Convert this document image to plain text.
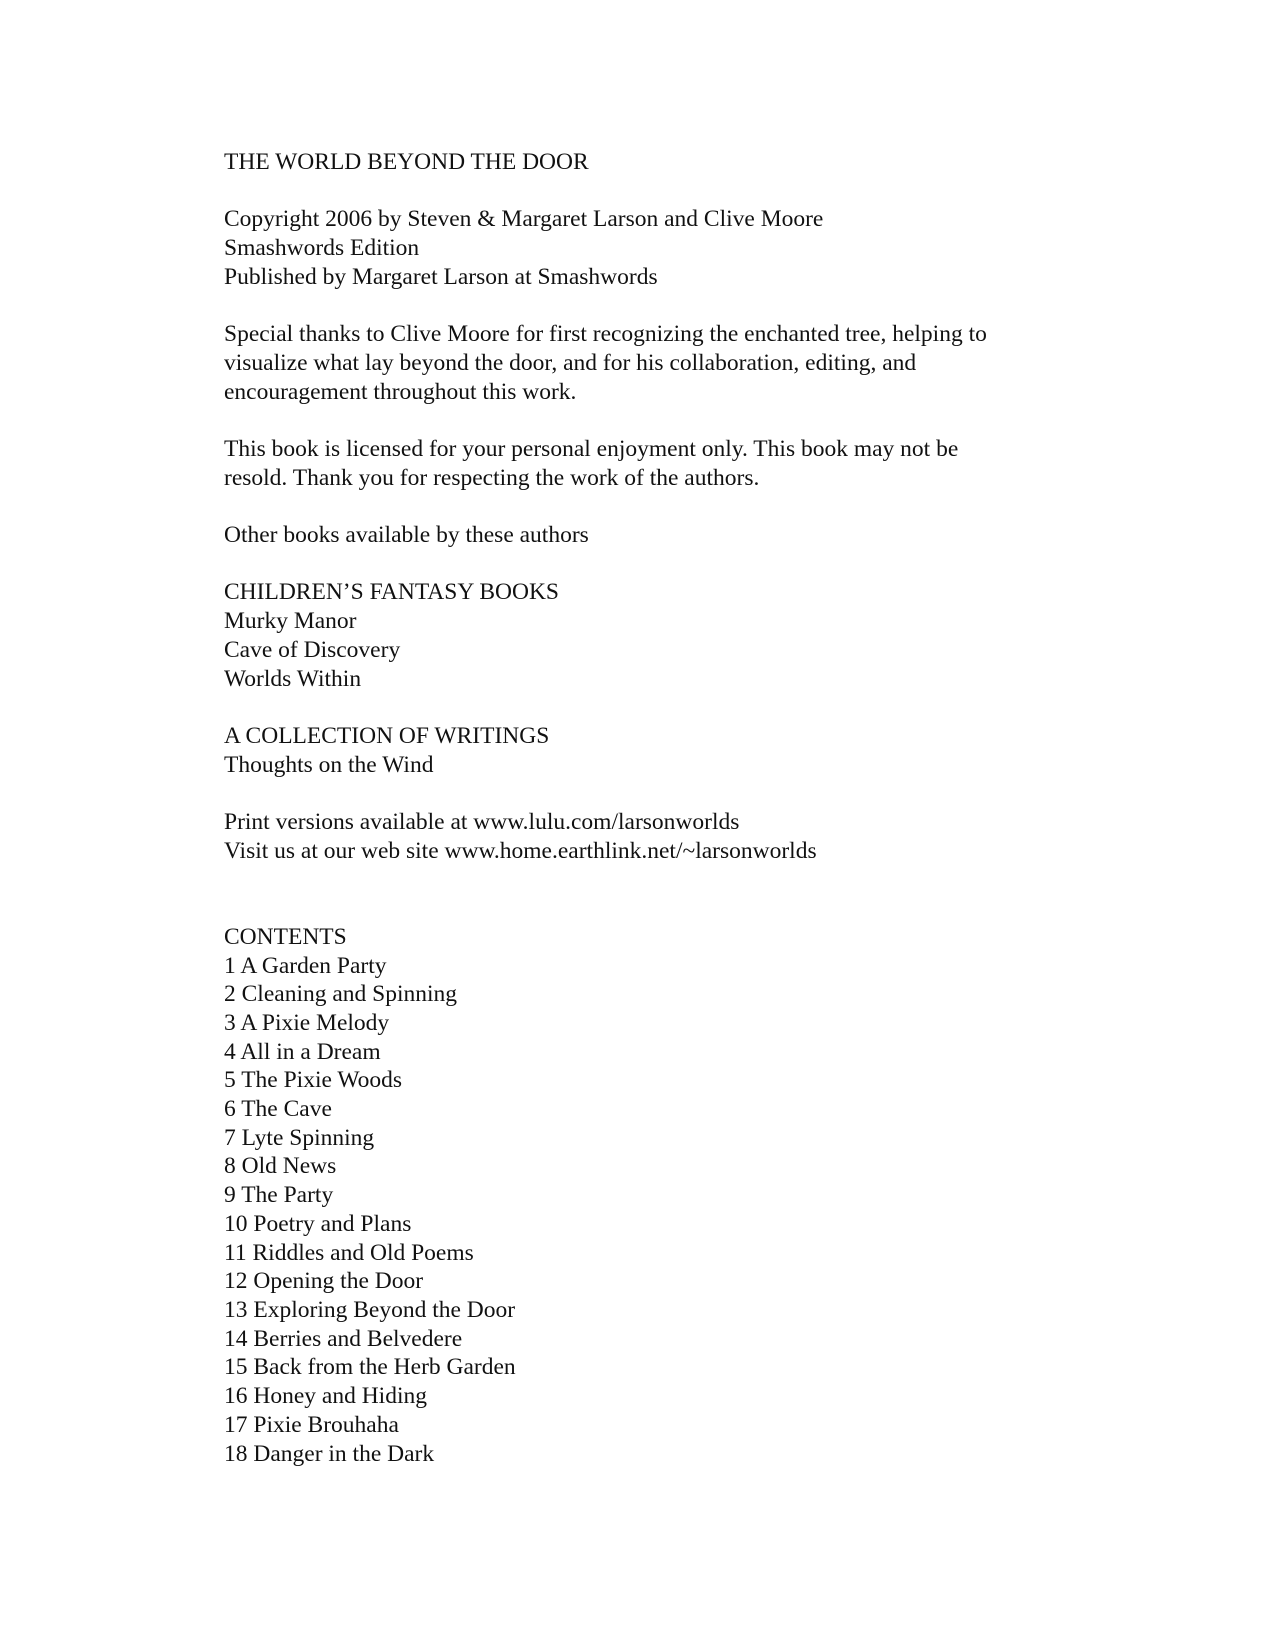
THE WORLD BEYOND THE DOOR

Copyright 2006 by Steven & Margaret Larson and Clive Moore

Smashwords Edition

Published by Margaret Larson at Smashwords

Special thanks to Clive Moore for first recognizing the enchanted tree, helping to

visualize what lay beyond the door, and for his collaboration, editing, and

encouragement throughout this work.

This book is licensed for your personal enjoyment only. This book may not be

resold. Thank you for respecting the work of the authors.

Other books available by these authors

CHILDREN’S FANTASY BOOKS

Murky Manor
Cave of Discovery
Worlds Within

A COLLECTION OF WRITINGS

Thoughts on the Wind

Print versions available at www.lulu.com/larsonworlds

Visit us at our web site www.home.earthlink.net/~larsonworlds

CONTENTS

1 A Garden Party
2 Cleaning and Spinning
3 A Pixie Melody
4 All in a Dream
5 The Pixie Woods
6 The Cave
7 Lyte Spinning
8 Old News
9 The Party
10 Poetry and Plans
11 Riddles and Old Poems
12 Opening the Door
13 Exploring Beyond the Door
14 Berries and Belvedere
15 Back from the Herb Garden
16 Honey and Hiding
17 Pixie Brouhaha
18 Danger in the Dark
